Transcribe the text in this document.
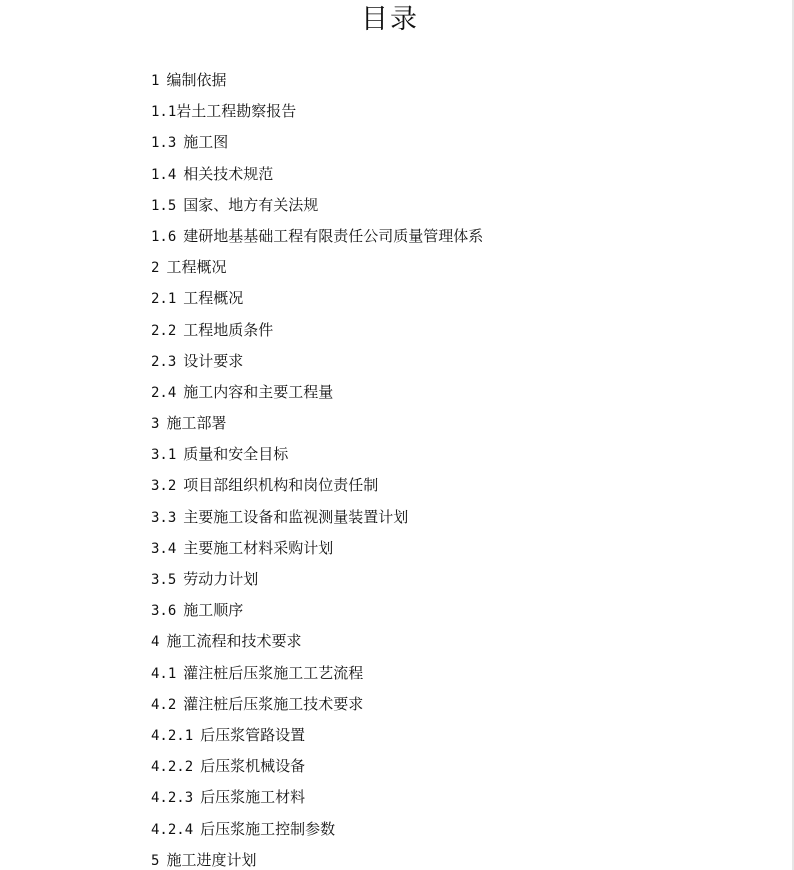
目录
1 编制依据
1.1岩土工程勘察报告
1.3 施工图
1.4 相关技术规范
1.5 国家、地方有关法规
1.6 建研地基基础工程有限责任公司质量管理体系
2 工程概况
2.1 工程概况
2.2 工程地质条件
2.3 设计要求
2.4 施工内容和主要工程量
3 施工部署
3.1 质量和安全目标
3.2 项目部组织机构和岗位责任制
3.3 主要施工设备和监视测量装置计划
3.4 主要施工材料采购计划
3.5 劳动力计划
3.6 施工顺序
4 施工流程和技术要求
4.1 灌注桩后压浆施工工艺流程
4.2 灌注桩后压浆施工技术要求
4.2.1 后压浆管路设置
4.2.2 后压浆机械设备
4.2.3 后压浆施工材料
4.2.4 后压浆施工控制参数
5 施工进度计划
